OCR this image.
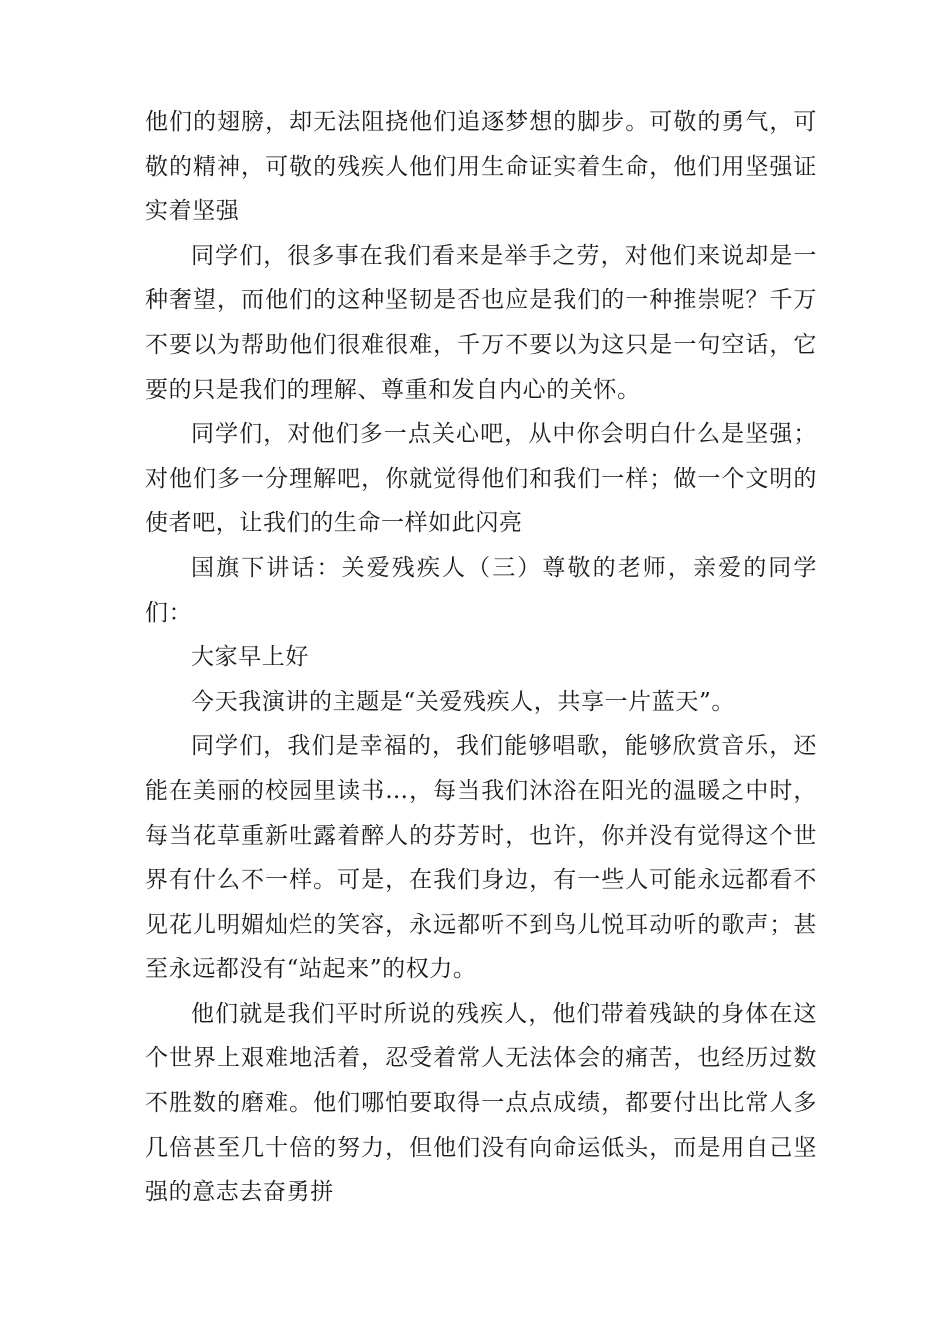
他们的翅膀，却无法阻挠他们追逐梦想的脚步。可敬的勇气，可敬的精神，可敬的残疾人他们用生命证实着生命，他们用坚强证实着坚强

同学们，很多事在我们看来是举手之劳，对他们来说却是一种奢望，而他们的这种坚韧是否也应是我们的一种推崇呢？千万不要以为帮助他们很难很难，千万不要以为这只是一句空话，它要的只是我们的理解、尊重和发自内心的关怀。

同学们，对他们多一点关心吧，从中你会明白什么是坚强；对他们多一分理解吧，你就觉得他们和我们一样；做一个文明的使者吧，让我们的生命一样如此闪亮

国旗下讲话：关爱残疾人（三）尊敬的老师，亲爱的同学们：

大家早上好

今天我演讲的主题是“关爱残疾人，共享一片蓝天”。

同学们，我们是幸福的，我们能够唱歌，能够欣赏音乐，还能在美丽的校园里读书…，每当我们沐浴在阳光的温暖之中时，每当花草重新吐露着醉人的芬芳时，也许，你并没有觉得这个世界有什么不一样。可是，在我们身边，有一些人可能永远都看不见花儿明媚灿烂的笑容，永远都听不到鸟儿悦耳动听的歌声；甚至永远都没有“站起来”的权力。

他们就是我们平时所说的残疾人，他们带着残缺的身体在这个世界上艰难地活着，忍受着常人无法体会的痛苦，也经历过数不胜数的磨难。他们哪怕要取得一点点成绩，都要付出比常人多几倍甚至几十倍的努力，但他们没有向命运低头，而是用自己坚强的意志去奋勇拼
